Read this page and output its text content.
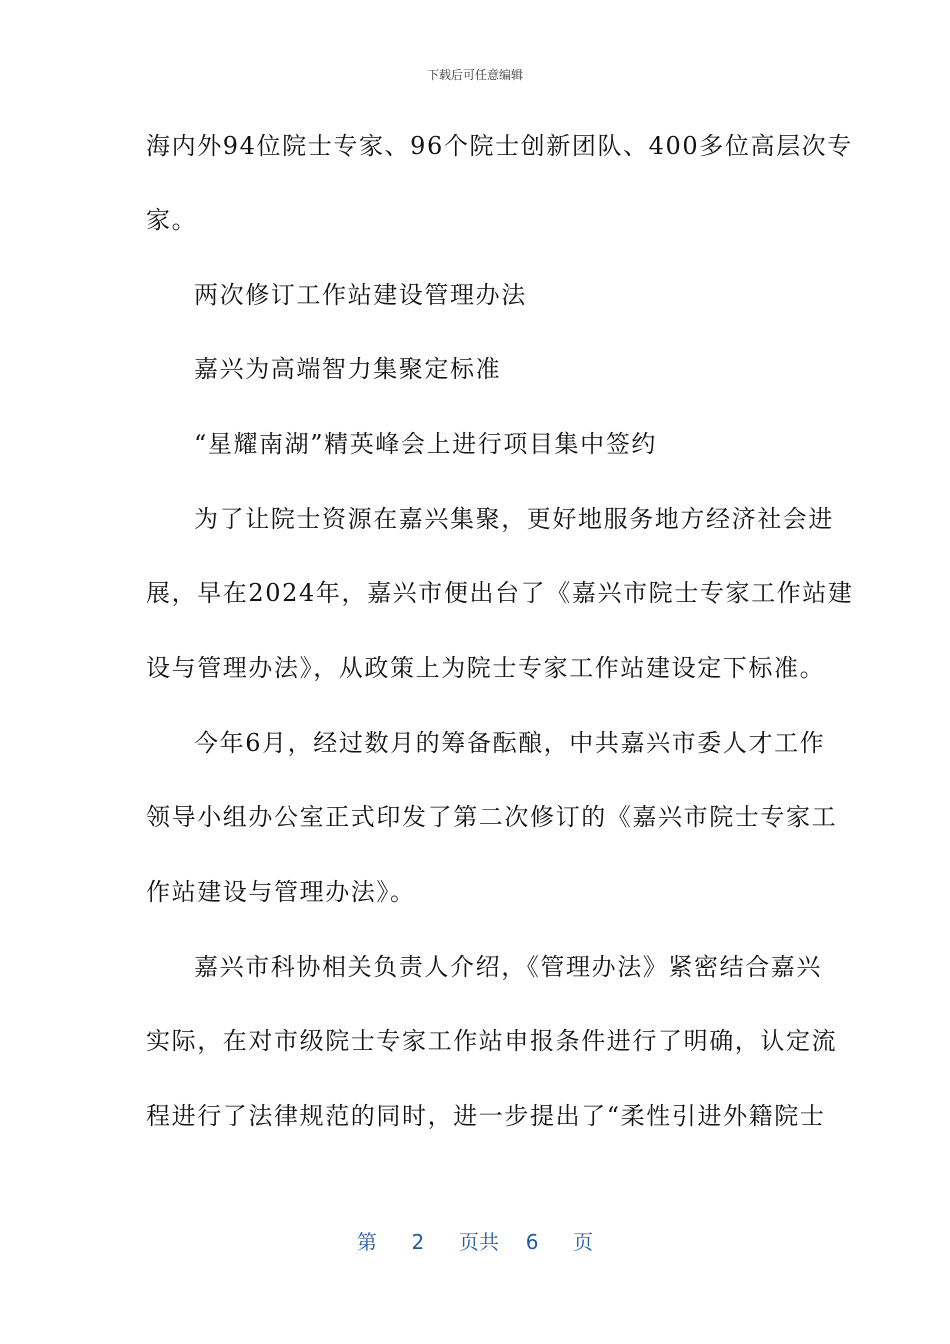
下载后可任意编辑
海内外94位院士专家、96个院士创新团队、400多位高层次专
家。
两次修订工作站建设管理办法
嘉兴为高端智力集聚定标准
“星耀南湖”精英峰会上进行项目集中签约
为了让院士资源在嘉兴集聚，更好地服务地方经济社会进
展，早在2024年，嘉兴市便出台了《嘉兴市院士专家工作站建
设与管理办法》，从政策上为院士专家工作站建设定下标准。
今年6月，经过数月的筹备酝酿，中共嘉兴市委人才工作
领导小组办公室正式印发了第二次修订的《嘉兴市院士专家工
作站建设与管理办法》。
嘉兴市科协相关负责人介绍，《管理办法》紧密结合嘉兴
实际，在对市级院士专家工作站申报条件进行了明确，认定流
程进行了法律规范的同时，进一步提出了“柔性引进外籍院士
第 2 页共 6 页
